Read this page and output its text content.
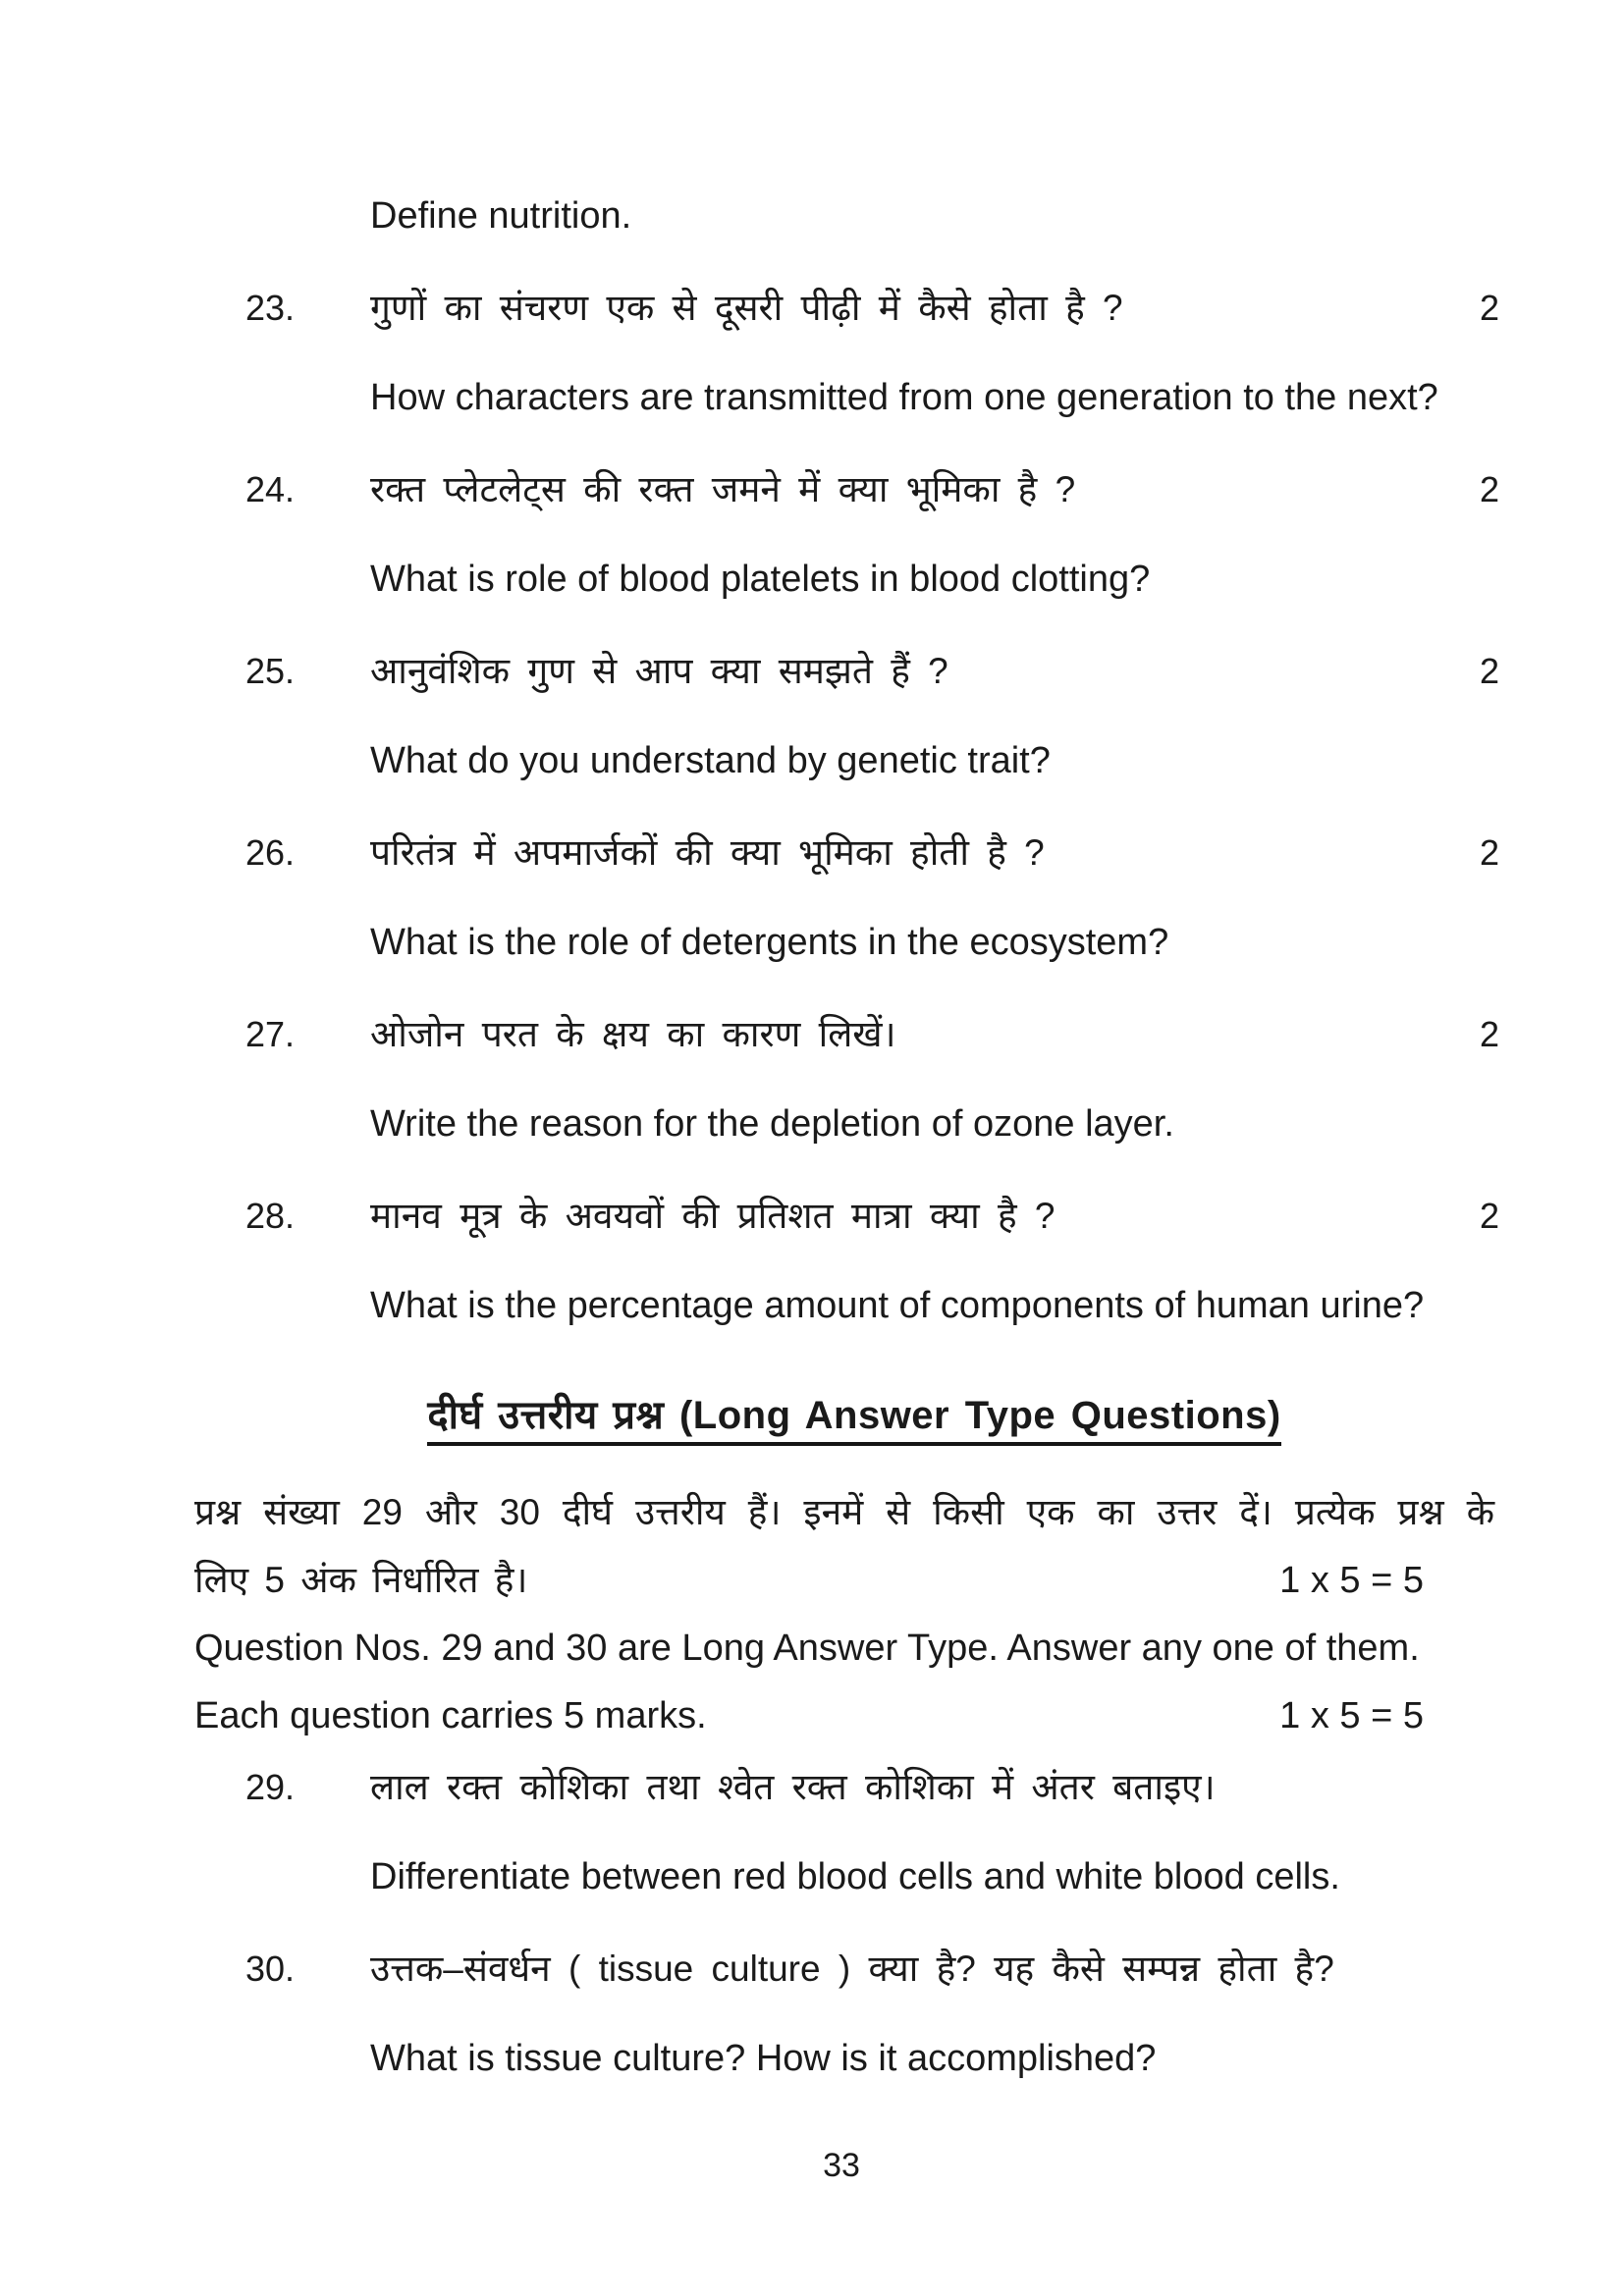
Define nutrition.
23.	गुणों का संचरण एक से दूसरी पीढ़ी में कैसे होता है ?	2
How characters are transmitted from one generation to the next?
24.	रक्त प्लेटलेट्स की रक्त जमने में क्या भूमिका है ?	2
What is role of blood platelets in blood clotting?
25.	आनुवंशिक गुण से आप क्या समझते हैं ?	2
What do you understand by genetic trait?
26.	परितंत्र में अपमार्जकों की क्या भूमिका होती है ?	2
What is the role of detergents in the ecosystem?
27.	ओजोन परत के क्षय का कारण लिखें।	2
Write the reason for the depletion of ozone layer.
28.	मानव मूत्र के अवयवों की प्रतिशत मात्रा क्या है ?	2
What is the percentage amount of components of human urine?
दीर्घ उत्तरीय प्रश्न (Long Answer Type Questions)
प्रश्न संख्या 29 और 30 दीर्घ उत्तरीय हैं। इनमें से किसी एक का उत्तर दें। प्रत्येक प्रश्न के
लिए 5 अंक निर्धारित है।	1 x 5 = 5
Question Nos. 29 and 30 are Long Answer Type. Answer any one of them.
Each question carries 5 marks.	1 x 5 = 5
29.	लाल रक्त कोशिका तथा श्वेत रक्त कोशिका में अंतर बताइए।
Differentiate between red blood cells and white blood cells.
30.	उत्तक–संवर्धन ( tissue culture ) क्या है? यह कैसे सम्पन्न होता है?
What is tissue culture? How is it accomplished?
33
